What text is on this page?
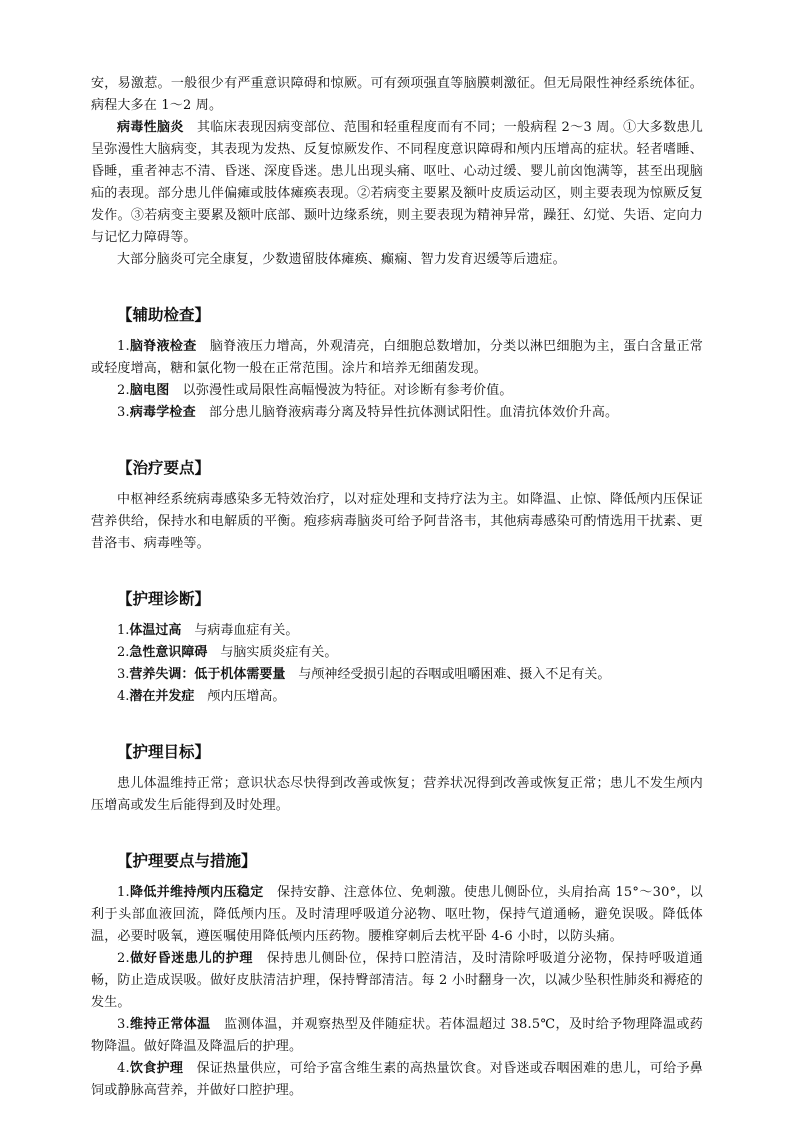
安，易激惹。一般很少有严重意识障碍和惊厥。可有颈项强直等脑膜刺激征。但无局限性神经系统体征。病程大多在 1～2 周。

病毒性脑炎　其临床表现因病变部位、范围和轻重程度而有不同；一般病程 2～3 周。①大多数患儿呈弥漫性大脑病变，其表现为发热、反复惊厥发作、不同程度意识障碍和颅内压增高的症状。轻者嗜睡、昏睡，重者神志不清、昏迷、深度昏迷。患儿出现头痛、呕吐、心动过缓、婴儿前囟饱满等，甚至出现脑疝的表现。部分患儿伴偏瘫或肢体瘫痪表现。②若病变主要累及额叶皮质运动区，则主要表现为惊厥反复发作。③若病变主要累及额叶底部、颞叶边缘系统，则主要表现为精神异常，躁狂、幻觉、失语、定向力与记忆力障碍等。

大部分脑炎可完全康复，少数遗留肢体瘫痪、癫痫、智力发育迟缓等后遗症。

【辅助检查】

1.脑脊液检查　脑脊液压力增高，外观清亮，白细胞总数增加，分类以淋巴细胞为主，蛋白含量正常或轻度增高，糖和氯化物一般在正常范围。涂片和培养无细菌发现。

2.脑电图　以弥漫性或局限性高幅慢波为特征。对诊断有参考价值。

3.病毒学检查　部分患儿脑脊液病毒分离及特异性抗体测试阳性。血清抗体效价升高。

【治疗要点】

中枢神经系统病毒感染多无特效治疗，以对症处理和支持疗法为主。如降温、止惊、降低颅内压保证营养供给，保持水和电解质的平衡。疱疹病毒脑炎可给予阿昔洛韦，其他病毒感染可酌情选用干扰素、更昔洛韦、病毒唑等。

【护理诊断】

1.体温过高　与病毒血症有关。

2.急性意识障碍　与脑实质炎症有关。

3.营养失调：低于机体需要量　与颅神经受损引起的吞咽或咀嚼困难、摄入不足有关。

4.潜在并发症　颅内压增高。

【护理目标】

患儿体温维持正常；意识状态尽快得到改善或恢复；营养状况得到改善或恢复正常；患儿不发生颅内压增高或发生后能得到及时处理。

【护理要点与措施】

1.降低并维持颅内压稳定　保持安静、注意体位、免刺激。使患儿侧卧位，头肩抬高 15°～30°，以利于头部血液回流，降低颅内压。及时清理呼吸道分泌物、呕吐物，保持气道通畅，避免误吸。降低体温，必要时吸氧，遵医嘱使用降低颅内压药物。腰椎穿刺后去枕平卧 4-6 小时，以防头痛。

2.做好昏迷患儿的护理　保持患儿侧卧位，保持口腔清洁，及时清除呼吸道分泌物，保持呼吸道通畅，防止造成误吸。做好皮肤清洁护理，保持臀部清洁。每 2 小时翻身一次，以减少坠积性肺炎和褥疮的发生。

3.维持正常体温　监测体温，并观察热型及伴随症状。若体温超过 38.5℃，及时给予物理降温或药物降温。做好降温及降温后的护理。

4.饮食护理　保证热量供应，可给予富含维生素的高热量饮食。对昏迷或吞咽困难的患儿，可给予鼻饲或静脉高营养，并做好口腔护理。
